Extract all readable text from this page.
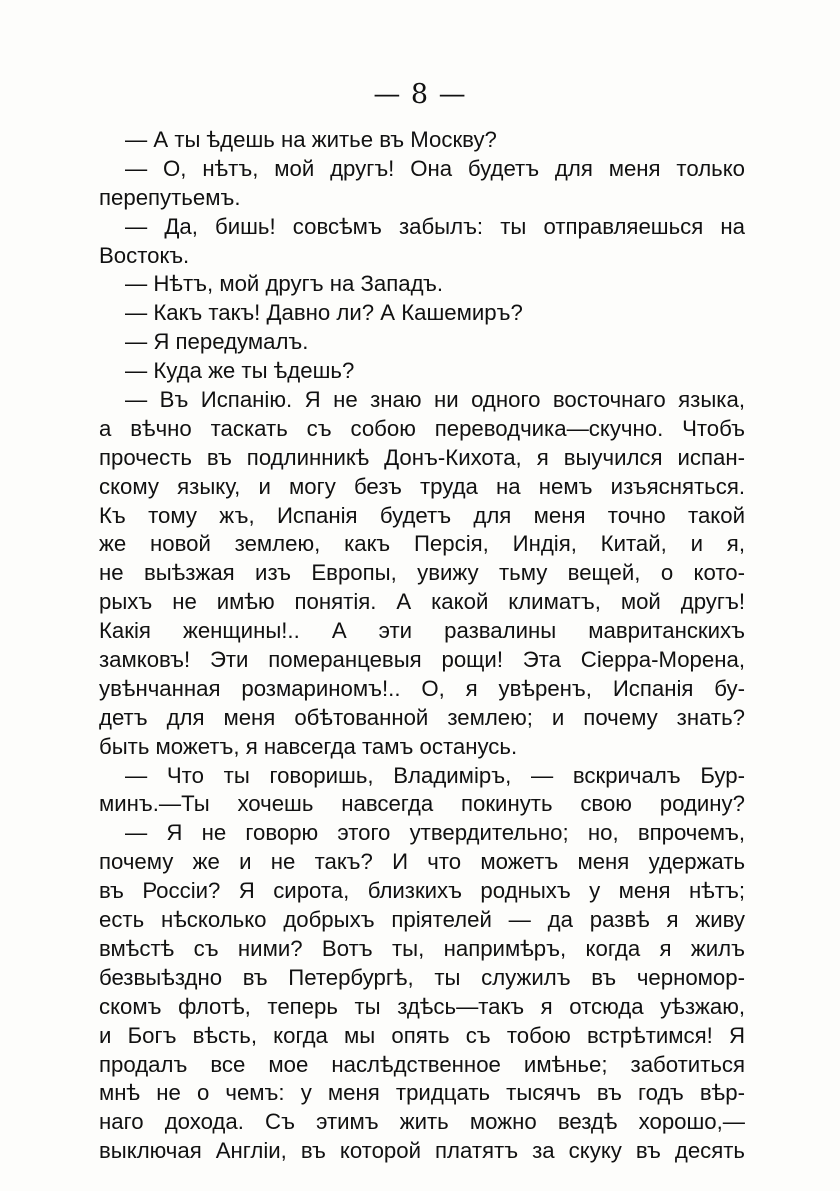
— 8 —
— А ты ѣдешь на житье въ Москву?
— О, нѣтъ, мой другъ! Она будетъ для меня только
перепутьемъ.
— Да, бишь! совсѣмъ забылъ: ты отправляешься на
Востокъ.
— Нѣтъ, мой другъ на Западъ.
— Какъ такъ! Давно ли? А Кашемиръ?
— Я передумалъ.
— Куда же ты ѣдешь?
— Въ Испанію. Я не знаю ни одного восточнаго языка,
а вѣчно таскать съ собою переводчика—скучно. Чтобъ
прочесть въ подлинникѣ Донъ-Кихота, я выучился испан-
скому языку, и могу безъ труда на немъ изъясняться.
Къ тому жъ, Испанія будетъ для меня точно такой
же новой землею, какъ Персія, Индія, Китай, и я,
не выѣзжая изъ Европы, увижу тьму вещей, о кото-
рыхъ не имѣю понятія. А какой климатъ, мой другъ!
Какія женщины!.. А эти развалины мавританскихъ
замковъ! Эти померанцевыя рощи! Эта Сіерра-Морена,
увѣнчанная розмариномъ!.. О, я увѣренъ, Испанія бу-
детъ для меня обѣтованной землею; и почему знать?
быть можетъ, я навсегда тамъ останусь.
— Что ты говоришь, Владиміръ, — вскричалъ Бур-
минъ.—Ты хочешь навсегда покинуть свою родину?
— Я не говорю этого утвердительно; но, впрочемъ,
почему же и не такъ? И что можетъ меня удержать
въ Россіи? Я сирота, близкихъ родныхъ у меня нѣтъ;
есть нѣсколько добрыхъ пріятелей — да развѣ я живу
вмѣстѣ съ ними? Вотъ ты, напримѣръ, когда я жилъ
безвыѣздно въ Петербургѣ, ты служилъ въ черномор-
скомъ флотѣ, теперь ты здѣсь—такъ я отсюда уѣзжаю,
и Богъ вѣсть, когда мы опять съ тобою встрѣтимся! Я
продалъ все мое наслѣдственное имѣнье; заботиться
мнѣ не о чемъ: у меня тридцать тысячъ въ годъ вѣр-
наго дохода. Съ этимъ жить можно вездѣ хорошо,—
выключая Англіи, въ которой платятъ за скуку въ десять
